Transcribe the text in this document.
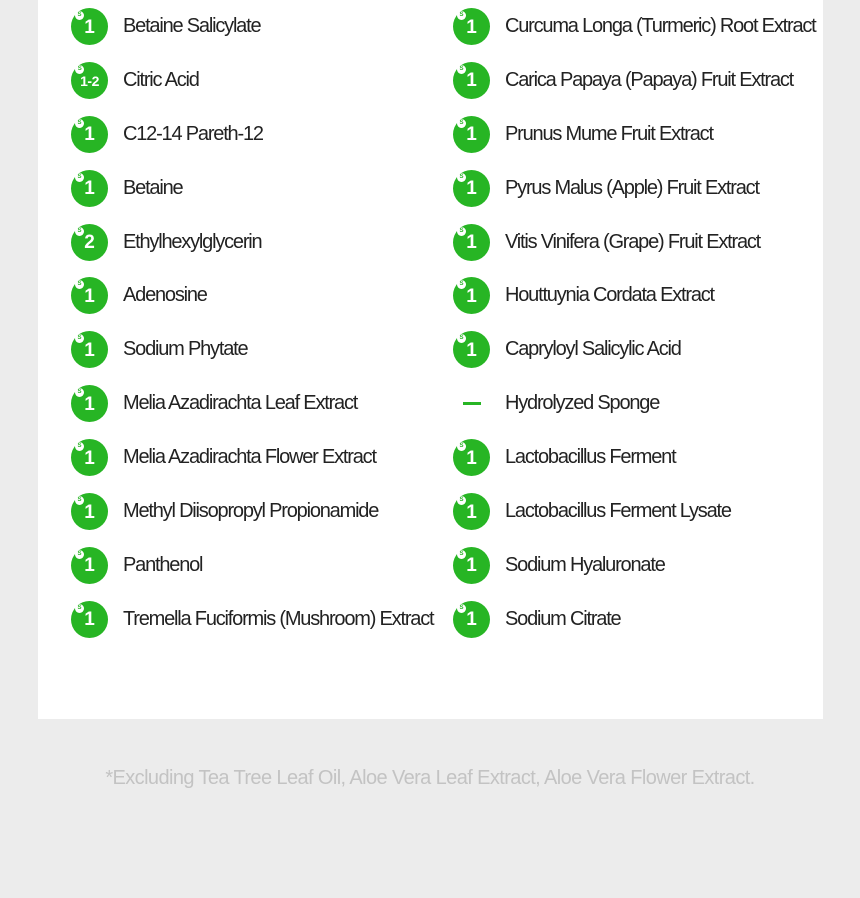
S
1 Betaine Salicylate
S
1-2 Citric Acid
S
1 C12-14 Pareth-12
S
1 Betaine
S
2 Ethylhexylglycerin
S
1 Adenosine
S
1 Sodium Phytate
S
1 Melia Azadirachta Leaf Extract
S
1 Melia Azadirachta Flower Extract
S
1 Methyl Diisopropyl Propionamide
S
1 Panthenol
S
1 Tremella Fuciformis (Mushroom) Extract
S
1 Curcuma Longa (Turmeric) Root Extract
S
1 Carica Papaya (Papaya) Fruit Extract
S
1 Prunus Mume Fruit Extract
S
1 Pyrus Malus (Apple) Fruit Extract
S
1 Vitis Vinifera (Grape) Fruit Extract
S
1 Houttuynia Cordata Extract
S
1 Capryloyl Salicylic Acid
Hydrolyzed Sponge
S
1 Lactobacillus Ferment
S
1 Lactobacillus Ferment Lysate
S
1 Sodium Hyaluronate
S
1 Sodium Citrate
*Excluding Tea Tree Leaf Oil, Aloe Vera Leaf Extract, Aloe Vera Flower Extract.
